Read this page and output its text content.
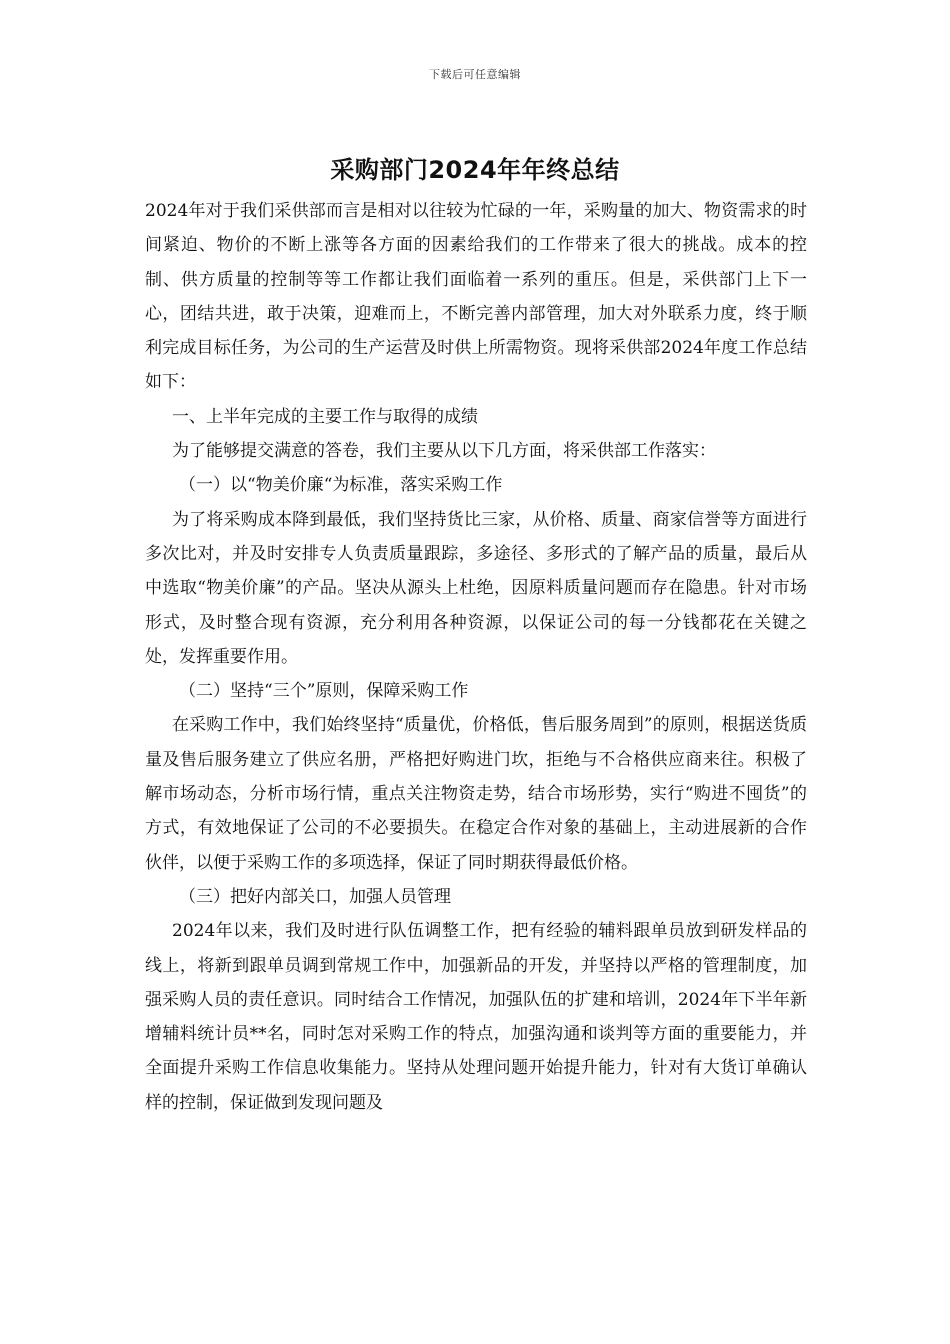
下载后可任意编辑
采购部门2024年年终总结

2024年对于我们采供部而言是相对以往较为忙碌的一年，采购量的加大、物资需求的时间紧迫、物价的不断上涨等各方面的因素给我们的工作带来了很大的挑战。成本的控制、供方质量的控制等等工作都让我们面临着一系列的重压。但是，采供部门上下一心，团结共进，敢于决策，迎难而上，不断完善内部管理，加大对外联系力度，终于顺利完成目标任务，为公司的生产运营及时供上所需物资。现将采供部2024年度工作总结如下：

一、上半年完成的主要工作与取得的成绩

为了能够提交满意的答卷，我们主要从以下几方面，将采供部工作落实：

（一）以“物美价廉“为标准，落实采购工作

为了将采购成本降到最低，我们坚持货比三家，从价格、质量、商家信誉等方面进行多次比对，并及时安排专人负责质量跟踪，多途径、多形式的了解产品的质量，最后从中选取“物美价廉”的产品。坚决从源头上杜绝，因原料质量问题而存在隐患。针对市场形式，及时整合现有资源，充分利用各种资源，以保证公司的每一分钱都花在关键之处，发挥重要作用。

（二）坚持“三个”原则，保障采购工作

在采购工作中，我们始终坚持“质量优，价格低，售后服务周到”的原则，根据送货质量及售后服务建立了供应名册，严格把好购进门坎，拒绝与不合格供应商来往。积极了解市场动态，分析市场行情，重点关注物资走势，结合市场形势，实行“购进不囤货”的方式，有效地保证了公司的不必要损失。在稳定合作对象的基础上，主动进展新的合作伙伴，以便于采购工作的多项选择，保证了同时期获得最低价格。

（三）把好内部关口，加强人员管理

2024年以来，我们及时进行队伍调整工作，把有经验的辅料跟单员放到研发样品的线上，将新到跟单员调到常规工作中，加强新品的开发，并坚持以严格的管理制度，加强采购人员的责任意识。同时结合工作情况，加强队伍的扩建和培训，2024年下半年新增辅料统计员**名，同时怎对采购工作的特点，加强沟通和谈判等方面的重要能力，并全面提升采购工作信息收集能力。坚持从处理问题开始提升能力，针对有大货订单确认样的控制，保证做到发现问题及
